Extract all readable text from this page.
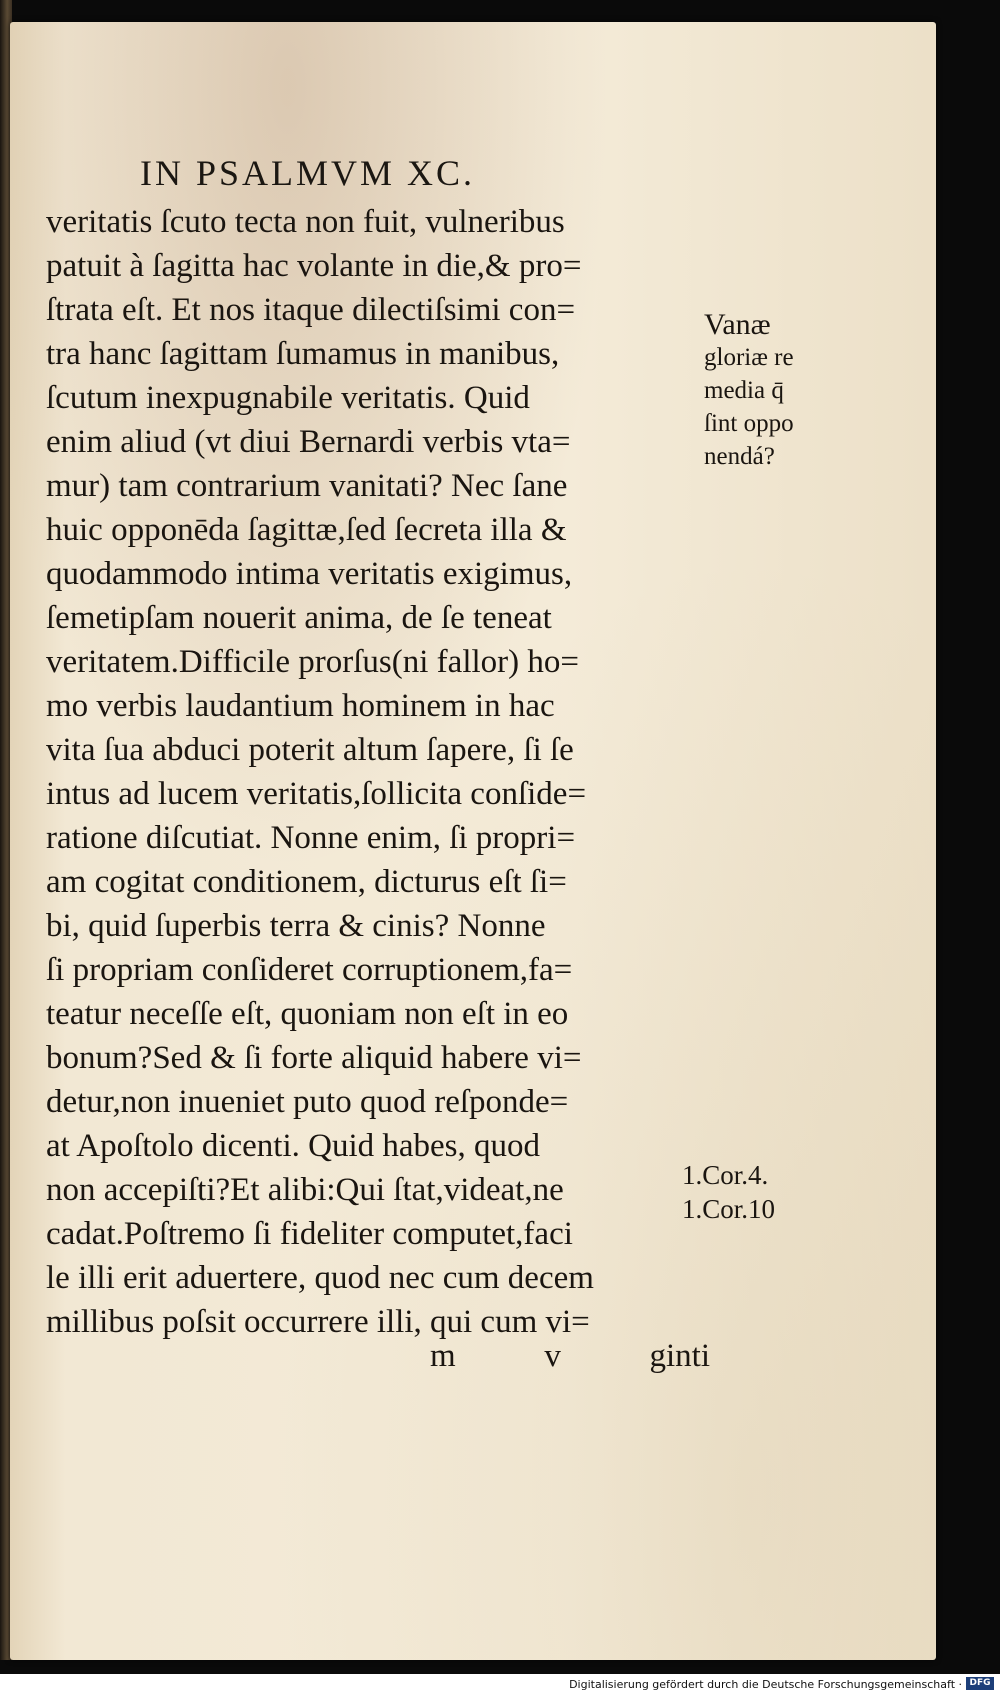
IN PSALMVM XC.
veritatis ſcuto tecta non fuit, vulneribus
patuit à ſagitta hac volante in die,& pro=
ſtrata eſt. Et nos itaque dilectiſsimi con=
tra hanc ſagittam ſumamus in manibus,
ſcutum inexpugnabile veritatis. Quid
enim aliud (vt diui Bernardi verbis vta=
mur) tam contrarium vanitati? Nec ſane
huic opponēda ſagittæ,ſed ſecreta illa &
quodammodo intima veritatis exigimus,
ſemetipſam nouerit anima, de ſe teneat
veritatem.Difficile prorſus(ni fallor) ho=
mo verbis laudantium hominem in hac
vita ſua abduci poterit altum ſapere, ſi ſe
intus ad lucem veritatis,ſollicita conſide=
ratione diſcutiat. Nonne enim, ſi propri=
am cogitat conditionem, dicturus eſt ſi=
bi, quid ſuperbis terra & cinis? Nonne
ſi propriam conſideret corruptionem,fa=
teatur neceſſe eſt, quoniam non eſt in eo
bonum?Sed & ſi forte aliquid habere vi=
detur,non inueniet puto quod reſponde=
at Apoſtolo dicenti. Quid habes, quod
non accepiſti?Et alibi:Qui ſtat,videat,ne
cadat.Poſtremo ſi fideliter computet,faci
le illi erit aduertere, quod nec cum decem
millibus poſsit occurrere illi, qui cum vi=
m	v	ginti
Vanæ
gloriæ re
media q̄
ſint oppo
nendá?
1.Cor.4.
1.Cor.10
Digitalisierung gefördert durch die Deutsche Forschungsgemeinschaft · DFG
